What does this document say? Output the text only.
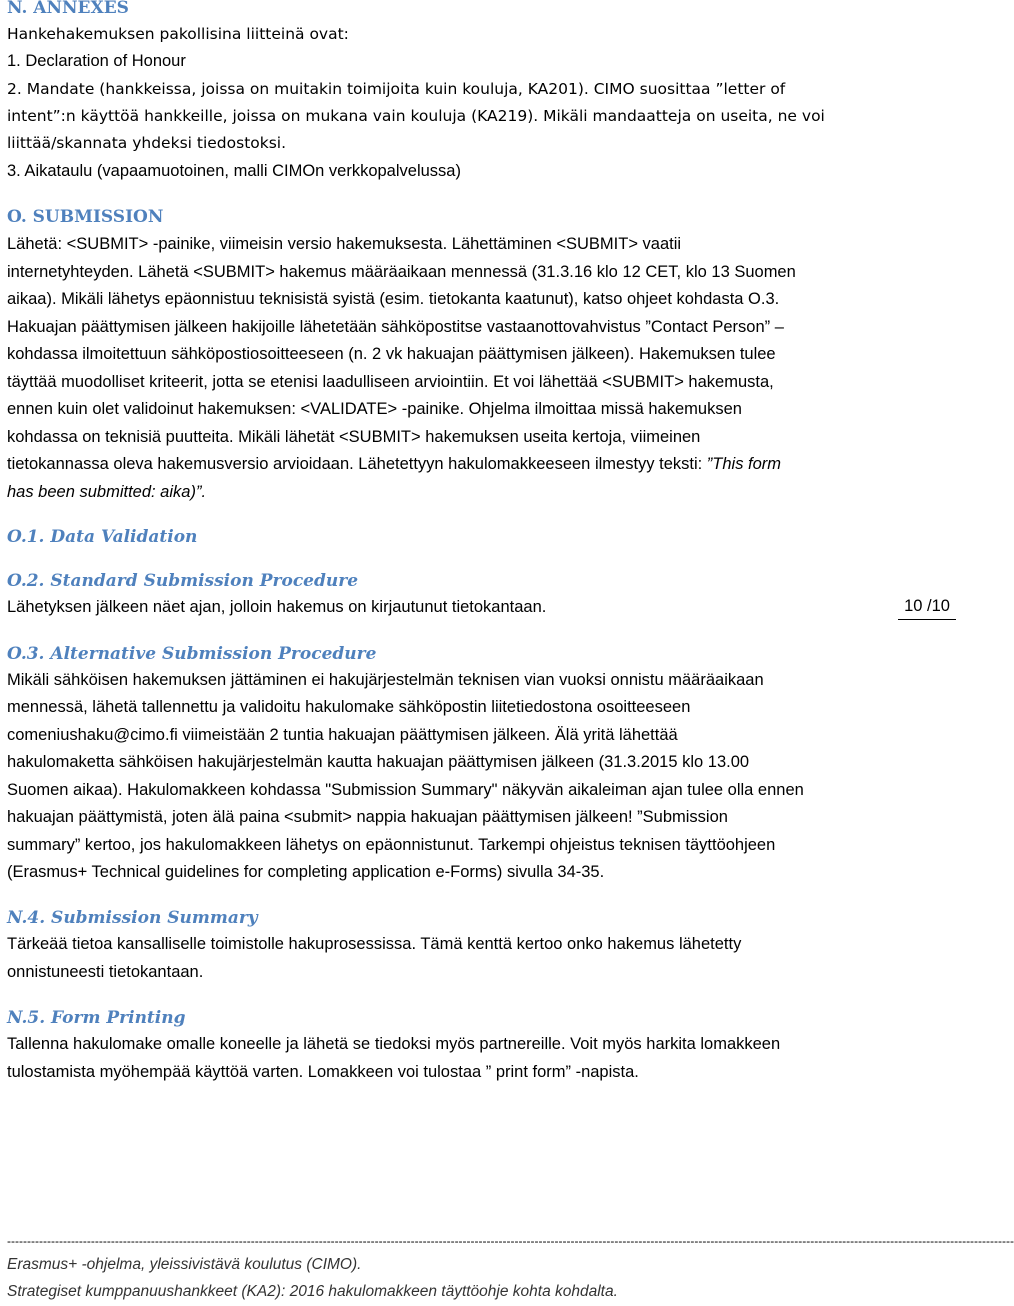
N. ANNEXES
Hankehakemuksen pakollisina liitteinä ovat:
1. Declaration of Honour
2. Mandate (hankkeissa, joissa on muitakin toimijoita kuin kouluja, KA201). CIMO suosittaa ”letter of
intent”:n käyttöä hankkeille, joissa on mukana vain kouluja (KA219). Mikäli mandaatteja on useita, ne voi
liittää/skannata yhdeksi tiedostoksi.
3. Aikataulu (vapaamuotoinen, malli CIMOn verkkopalvelussa)
O. SUBMISSION
Lähetä: <SUBMIT> -painike, viimeisin versio hakemuksesta. Lähettäminen <SUBMIT> vaatii
internetyhteyden. Lähetä <SUBMIT> hakemus määräaikaan mennessä (31.3.16 klo 12 CET, klo 13 Suomen
aikaa). Mikäli lähetys epäonnistuu teknisistä syistä (esim. tietokanta kaatunut), katso ohjeet kohdasta O.3.
Hakuajan päättymisen jälkeen hakijoille lähetetään sähköpostitse vastaanottovahvistus ”Contact Person” –
kohdassa ilmoitettuun sähköpostiosoitteeseen (n. 2 vk hakuajan päättymisen jälkeen). Hakemuksen tulee
täyttää muodolliset kriteerit, jotta se etenisi laadulliseen arviointiin. Et voi lähettää <SUBMIT> hakemusta,
ennen kuin olet validoinut hakemuksen: <VALIDATE> -painike. Ohjelma ilmoittaa missä hakemuksen
kohdassa on teknisiä puutteita. Mikäli lähetät <SUBMIT> hakemuksen useita kertoja, viimeinen
tietokannassa oleva hakemusversio arvioidaan. Lähetettyyn hakulomakkeeseen ilmestyy teksti: ”This form
has been submitted: aika)”.
O.1. Data Validation
O.2. Standard Submission Procedure
Lähetyksen jälkeen näet ajan, jolloin hakemus on kirjautunut tietokantaan.
O.3. Alternative Submission Procedure
Mikäli sähköisen hakemuksen jättäminen ei hakujärjestelmän teknisen vian vuoksi onnistu määräaikaan
mennessä, lähetä tallennettu ja validoitu hakulomake sähköpostin liitetiedostona osoitteeseen
comeniushaku@cimo.fi viimeistään 2 tuntia hakuajan päättymisen jälkeen. Älä yritä lähettää
hakulomaketta sähköisen hakujärjestelmän kautta hakuajan päättymisen jälkeen (31.3.2015 klo 13.00
Suomen aikaa). Hakulomakkeen kohdassa "Submission Summary" näkyvän aikaleiman ajan tulee olla ennen
hakuajan päättymistä, joten älä paina <submit> nappia hakuajan päättymisen jälkeen! ”Submission
summary” kertoo, jos hakulomakkeen lähetys on epäonnistunut. Tarkempi ohjeistus teknisen täyttöohjeen
(Erasmus+ Technical guidelines for completing application e-Forms) sivulla 34-35.
N.4. Submission Summary
Tärkeää tietoa kansalliselle toimistolle hakuprosessissa. Tämä kenttä kertoo onko hakemus lähetetty
onnistuneesti tietokantaan.
N.5. Form Printing
Tallenna hakulomake omalle koneelle ja lähetä se tiedoksi myös partnereille. Voit myös harkita lomakkeen
tulostamista myöhempää käyttöä varten. Lomakkeen voi tulostaa ” print form” -napista.
10 /10
------------------------------------------------------------------------------------------------------------------------------------------------------------------------------------------------------------------------------------------------------------
Erasmus+ -ohjelma, yleissivistävä koulutus (CIMO).
Strategiset kumppanuushankkeet (KA2): 2016 hakulomakkeen täyttöohje kohta kohdalta.
